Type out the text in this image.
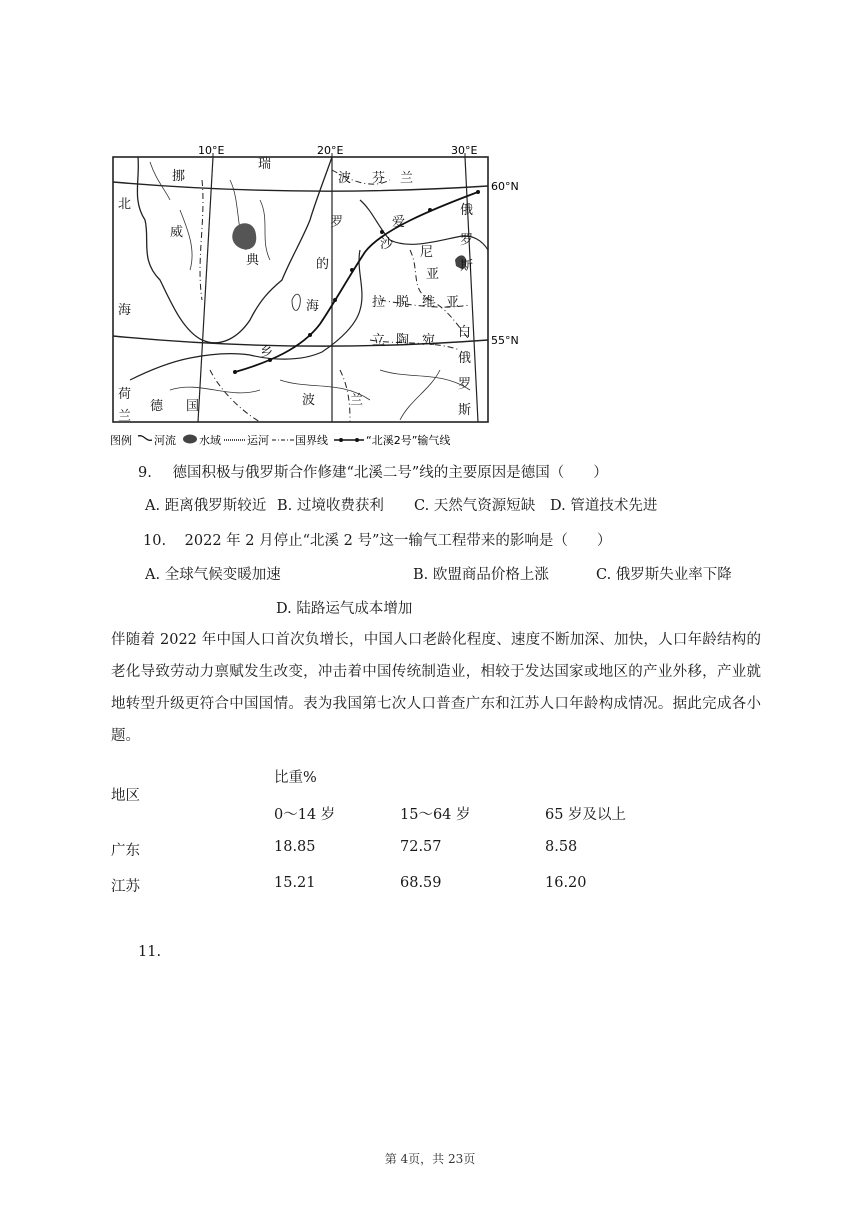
10°E	20°E	30°E
60°N
55°N
挪
北
威
海
瑞
典
波
罗
的
海
芬 兰
俄
罗
斯
爱
沙
尼
亚
拉 脱 维 亚
立 陶 宛
白
俄
罗
斯
德 国
荷
兰
波	兰
乡
图例 河流 水域 运河 国界线	“北溪2号”输气线
9. 德国积极与俄罗斯合作修建“北溪二号”线的主要原因是德国（　　）
A. 距离俄罗斯较近 B. 过境收费获利 C. 天然气资源短缺 D. 管道技术先进
10. 2022 年 2 月停止“北溪 2 号”这一输气工程带来的影响是（　　）
A. 全球气候变暖加速	B. 欧盟商品价格上涨	C. 俄罗斯失业率下降
D. 陆路运气成本增加
伴随着 2022 年中国人口首次负增长，中国人口老龄化程度、速度不断加深、加快，人口年龄结构的老化导致劳动力禀赋发生改变，冲击着中国传统制造业，相较于发达国家或地区的产业外移，产业就地转型升级更符合中国国情。表为我国第七次人口普查广东和江苏人口年龄构成情况。据此完成各小题。
比重%
地区
0～14 岁	15～64 岁	65 岁及以上
广东	18.85	72.57	8.58
江苏	15.21	68.59	16.20
11.
第 4页，共 23页
